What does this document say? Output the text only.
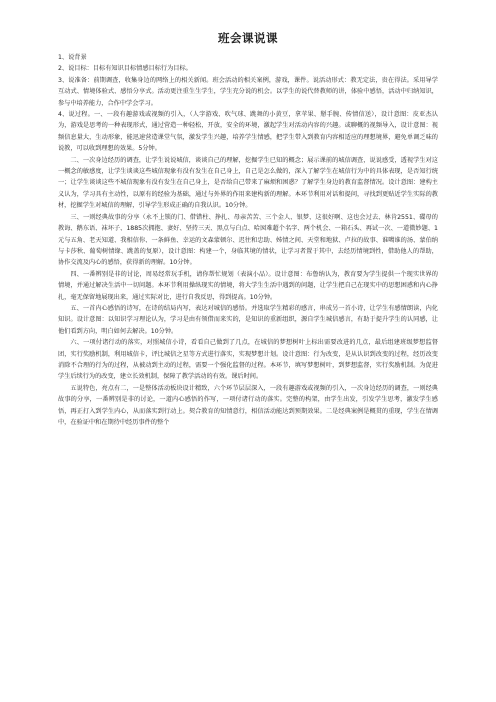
班会课说课

1、说背景

2、说目标：目标有知识目标情感目标行为目标。

3、说准备：前期调查，收集身边的网络上的相关新闻。班会活动的相关案例，游戏，课件。说活动形式：教无定法，贵在得法。采用导学互动式、情境体验式、感悟分享式。活动更注重生生学生，学生充分说的机会。以学生的说代替教师的讲，体验中感悟，活动中归纳知识，参与中培养能力，合作中学会学习。

4、说过程。一、一段有趣游戏或视频的引入，（人字游戏、吹气球、跳舞的小黄豆，拿苹果、掰手腕、传情信送），设计意图：皮亚杰认为，游戏是思考的一种表现形式，通过营造一种轻松，开放，安全的环境，激起学生对活动内容的兴趣。或聊概的视频导入，设计意图：视频信息量大，生动形象，能迅速营造课堂气氛，激发学生兴趣，培养学生情感，把学生带入到教育内容相适应的理想境界，避免单调乏味的说教，可以收到理想的效果。5分钟。

二、一次身边经历的调查，让学生说说城信，谈谈自己的理解，挖掘学生已知的概念；展示课前的城信调查，说说感受，透视学生对这一概念的敏感度，让学生谈谈这些城信现象有没有发生在自己身上，自己是怎么做的，深入了解学生在城信行为中的具体表现，是否知行统一；让学生谈谈这些不城信现象有没有发生在自己身上，是否给自己带来了麻烦和困惑？了解学生身边的教育监督情况。设计意图：建构主义认为，学习具有主动性，以原有的经验为基础，通过与外界的作用来建构新的理解。本环节利用对话和提问，寻找到更贴近学生实际的教材，挖掘学生对城信的理解，引导学生形成正确的自我认识。10分钟。

三、一则经典故事的分享（永不上锁的门、借错柱、挣扎、母亲苦苦、三个金人、银梦、这很好啊、这也会过去、林肯2551、碟母的教诲、鹅东语、袜坏子、1885次拥抱、妻好、坚持三天、黑点与白点、哈囡难超个名字、两个机会、一箱石头、再试一次、一道微妙题、1元与五角、老天知道、我相信你、一条鲜鱼、幸运的文森蒙顿尔、迟往和忠助、姊情之间、天堂和地狱、卢拉的故事、谁噶谁的汤、蒙伯纳与卡莎秋、葡萄树情缘、跳盖的复原），设计意图：构建一个，身临其境的情状，让学习者置于其中，去经历情境到性，借助他人的帮助，协作交流及内心的感悟，获得新的理解。10分钟。

四、一番辨别是非的讨论，周易经常玩手机，请你帮忙规划（表演小品）。设计意图：布鲁纳认为，教育要为学生提供一个现实世界的情境，并通过解决生活中一切问题。本环节利用操纵现实的情境，将大学生生活中遇到的问题，让学生把自己在现实中的思想困惑和内心挣扎，毫无保留地展现出来，通过实际对比，进行自我反思，得到提高。10分钟。

五、一首内心感悟的诗写，在诗的结局内写，表达对城信的感悟。并选取学生精彩的感言，串成另一首小诗，让学生有感情朗读，内化知识。设计意图：以知识学习理论认为，学习是由有领借而来实的，是知识的重新组织，源自学生城信感言，有助于提升学生的认同感，让他们看到方向，明白如何去解决。10分钟。

六、一项付诸行动的落实，对照城信小诗，看看自己做到了几点，在城信的梦想树叶上标出需要改进的几点，最后组建班级梦想监督团，实行奖励机制，利用城信卡，评比城信之星等方式进行落实，实现梦想计划。设计意图：行为改变，是从认识到改变的过程，经历改变消除不合理的行为的过程，从被动到主动的过程，需要一个强化监督的过程。本环节，填写梦想树叶，到梦想监督，实行奖励机制。为促进学生后续行为的改变，建立长效机制，保障了教学活动的有效。课后时间。

五说特色，亮点有二，一是整体活动板块设计精致，六个环节层层深入，一段有趣游戏或视频的引入，一次身边经历的调查，一则经典故事的分享，一番辨别是非的讨论，一道内心感悟的作写，一项付诸行动的落实。完整的构架，由学生出发，引发学生思考，激发学生感悟，再正打入到学生内心，从而落实到行动上。契合教育的知情意行，相信活动能达到预期效果。二是经典案例是概贯的重现，学生在情调中，在验证中和在期待中经历事件的整个
